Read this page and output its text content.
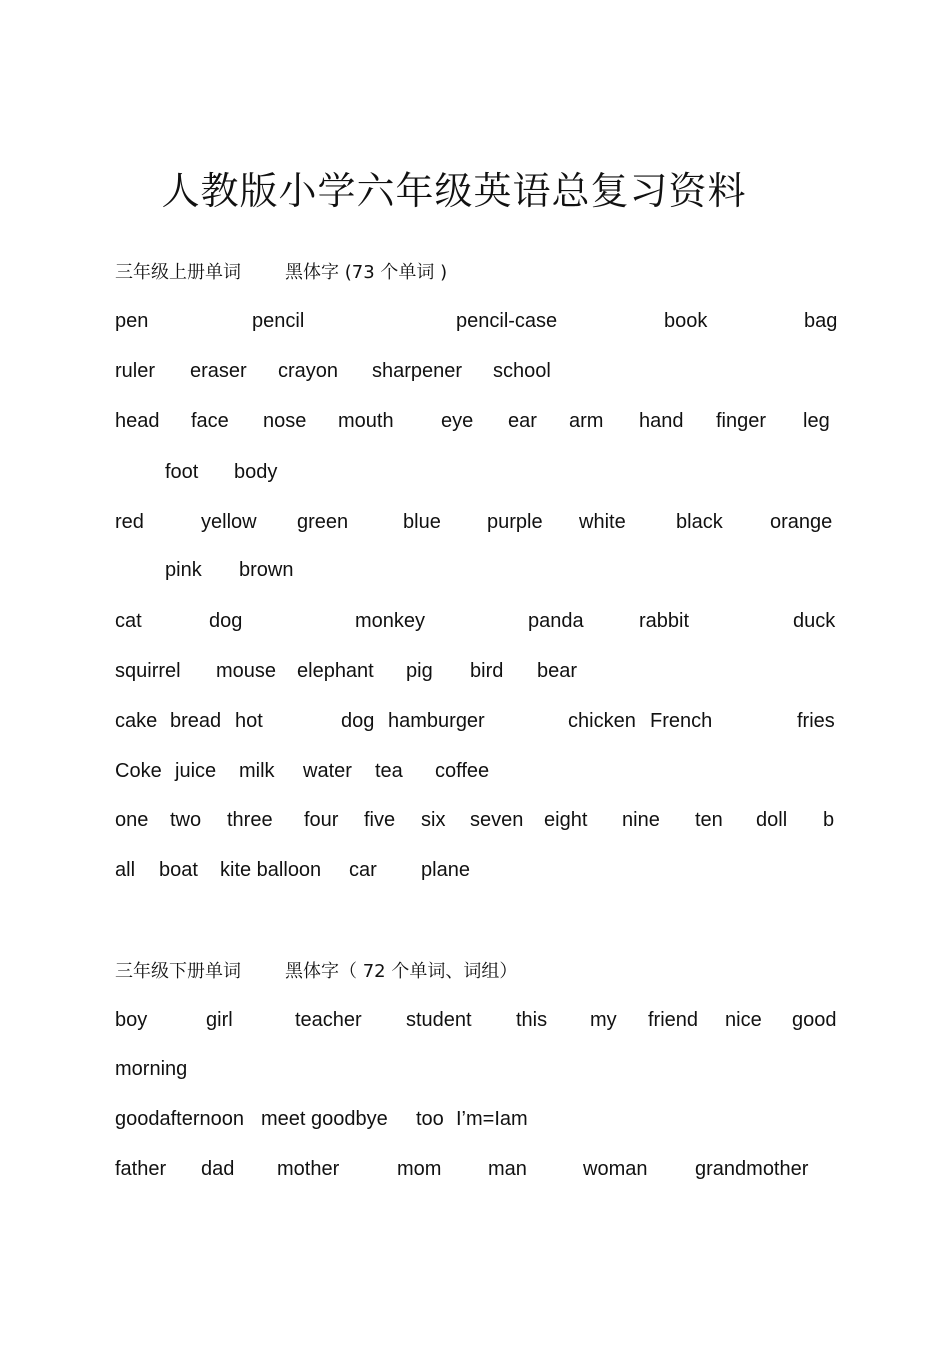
人教版小学六年级英语总复习资料
三年级上册单词 黑体字 (73 个单词 )
三年级下册单词 黑体字（ 72 个单词、词组）
pen	pencil	pencil-case	book	bag
ruler eraser crayon sharpener school
head face nose mouth eye ear arm hand finger leg
foot body
red	yellow green	blue purple white	black orange
pink brown
cat	dog	monkey	panda	rabbit	duck
squirrel mouse elephant pig bird bear
cake bread hot	dog hamburger	chicken French	fries
Coke juice milk water tea coffee
one two three four five six seven eight nine ten doll b
all boat kite balloon car plane
boy	girl	teacher student this my friend nice good
morning
goodafternoon meet goodbye too I’m=Iam
father dad mother	mom man	woman grandmother
